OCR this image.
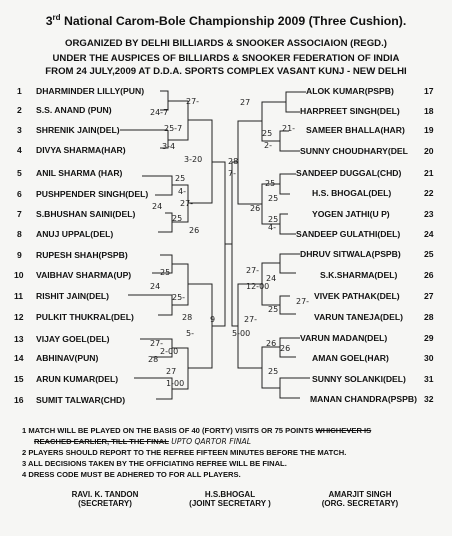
3rd National Carom-Bole Championship 2009 (Three Cushion).
ORGANIZED BY DELHI BILLIARDS & SNOOKER ASSOCIAION (REGD.)
UNDER THE AUSPICES OF BILLIARDS & SNOOKER FEDERATION OF INDIA
FROM 24 JULY,2009 AT D.D.A. SPORTS COMPLEX VASANT KUNJ - NEW DELHI
1 DHARMINDER LILLY(PUN)
2 S.S. ANAND (PUN)
3 SHRENIK JAIN(DEL)
4 DIVYA SHARMA(HAR)
5 ANIL SHARMA (HAR)
6 PUSHPENDER SINGH(DEL)
7 S.BHUSHAN SAINI(DEL)
8 ANUJ UPPAL(DEL)
9 RUPESH SHAH(PSPB)
10 VAIBHAV SHARMA(UP)
11 RISHIT JAIN(DEL)
12 PULKIT THUKRAL(DEL)
13 VIJAY GOEL(DEL)
14 ABHINAV(PUN)
15 ARUN KUMAR(DEL)
16 SUMIT TALWAR(CHD)
ALOK KUMAR(PSPB)	17
HARPREET SINGH(DEL)	18
SAMEER BHALLA(HAR) 19
SUNNY CHOUDHARY(DEL 20
SANDEEP DUGGAL(CHD)	21
H.S. BHOGAL(DEL)	22
YOGEN JATHI(U P)	23
SANDEEP GULATHI(DEL)	24
DHRUV SITWALA(PSPB)	25
S.K.SHARMA(DEL)	26
VIVEK PATHAK(DEL)	27
VARUN TANEJA(DEL) 28
VARUN MADAN(DEL)	29
AMAN GOEL(HAR)	30
SUNNY SOLANKI(DEL) 31
MANAN CHANDRA(PSPB) 32
24-7
25-7
27-
3-20
3-4
27-
25
24
25
4-
26
25
24
25-
28
5-
27
1-00
27-
9
28
2-00
27
25
21-
2-
28
7-
25
26
25
25
4-
27-
12-00
24
25
27-
5-00
26
25
27-
26
1 MATCH WILL BE PLAYED ON THE BASIS OF 40 (FORTY) VISITS OR 75 POINTS WHICHEVER IS
REACHED EARLIER, TILL THE FINAL UPTO QARTOR FINAL
2 PLAYERS SHOULD REPORT TO THE REFREE FIFTEEN MINUTES BEFORE THE MATCH.
3 ALL DECISIONS TAKEN BY THE OFFICIATING REFREE WILL BE FINAL.
4 DRESS CODE MUST BE ADHERED TO FOR ALL PLAYERS.
RAVI. K. TANDON
(SECRETARY)
H.S.BHOGAL
(JOINT SECRETARY )
AMARJIT SINGH
(ORG. SECRETARY)
